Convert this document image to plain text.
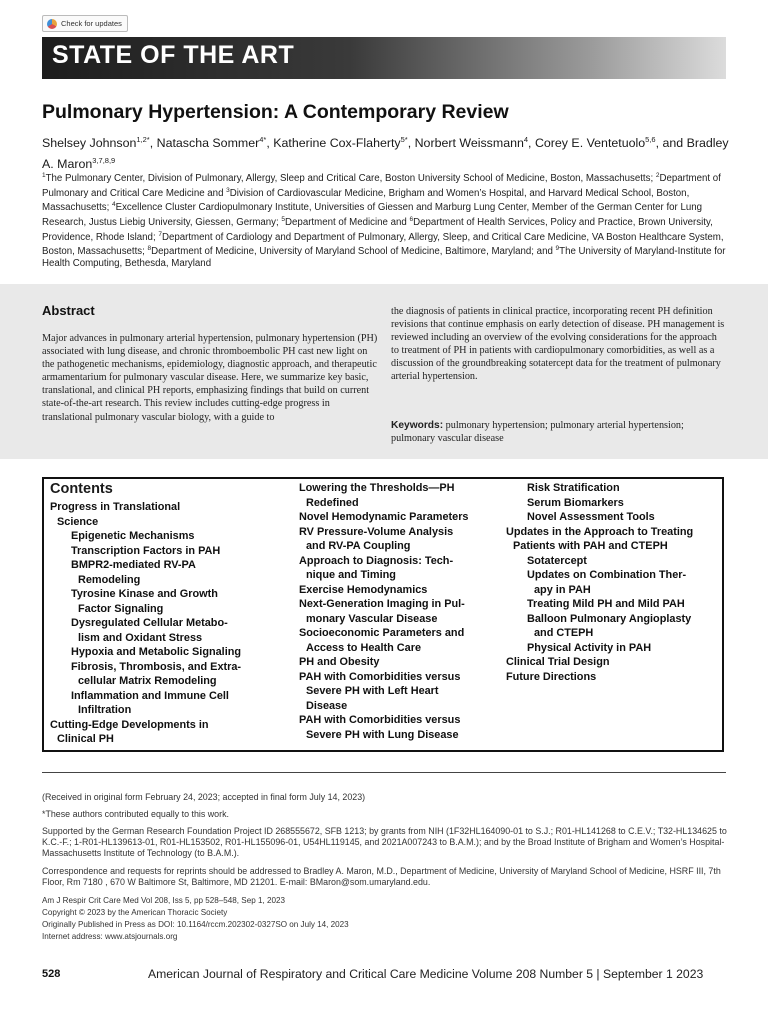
Check for updates
STATE OF THE ART
Pulmonary Hypertension: A Contemporary Review
Shelsey Johnson$^{1,2*}$, Natascha Sommer$^{4*}$, Katherine Cox-Flaherty$^{5*}$, Norbert Weissmann$^4$, Corey E. Ventetuolo$^{5,6}$, and Bradley A. Maron$^{3,7,8,9}$
$^1$The Pulmonary Center, Division of Pulmonary, Allergy, Sleep and Critical Care, Boston University School of Medicine, Boston, Massachusetts; $^2$Department of Pulmonary and Critical Care Medicine and $^3$Division of Cardiovascular Medicine, Brigham and Women’s Hospital, and Harvard Medical School, Boston, Massachusetts; $^4$Excellence Cluster Cardiopulmonary Institute, Universities of Giessen and Marburg Lung Center, Member of the German Center for Lung Research, Justus Liebig University, Giessen, Germany; $^5$Department of Medicine and $^6$Department of Health Services, Policy and Practice, Brown University, Providence, Rhode Island; $^7$Department of Cardiology and Department of Pulmonary, Allergy, Sleep, and Critical Care Medicine, VA Boston Healthcare System, Boston, Massachusetts; $^8$Department of Medicine, University of Maryland School of Medicine, Baltimore, Maryland; and $^9$The University of Maryland-Institute for Health Computing, Bethesda, Maryland
Abstract
Major advances in pulmonary arterial hypertension, pulmonary hypertension (PH) associated with lung disease, and chronic thromboembolic PH cast new light on the pathogenetic mechanisms, epidemiology, diagnostic approach, and therapeutic armamentarium for pulmonary vascular disease. Here, we summarize key basic, translational, and clinical PH reports, emphasizing findings that build on current state-of-the-art research. This review includes cutting-edge progress in translational pulmonary vascular biology, with a guide to
the diagnosis of patients in clinical practice, incorporating recent PH definition revisions that continue emphasis on early detection of disease. PH management is reviewed including an overview of the evolving considerations for the approach to treatment of PH in patients with cardiopulmonary comorbidities, as well as a discussion of the groundbreaking sotatercept data for the treatment of pulmonary arterial hypertension.
Keywords: pulmonary hypertension; pulmonary arterial hypertension; pulmonary vascular disease
Contents
Progress in Translational
Science
Epigenetic Mechanisms
Transcription Factors in PAH
BMPR2-mediated RV-PA
Remodeling
Tyrosine Kinase and Growth
Factor Signaling
Dysregulated Cellular Metabo-
lism and Oxidant Stress
Hypoxia and Metabolic Signaling
Fibrosis, Thrombosis, and Extra-
cellular Matrix Remodeling
Inflammation and Immune Cell
Infiltration
Cutting-Edge Developments in
Clinical PH
Lowering the Thresholds—PH
Redefined
Novel Hemodynamic Parameters
RV Pressure-Volume Analysis
and RV-PA Coupling
Approach to Diagnosis: Tech-
nique and Timing
Exercise Hemodynamics
Next-Generation Imaging in Pul-
monary Vascular Disease
Socioeconomic Parameters and
Access to Health Care
PH and Obesity
PAH with Comorbidities versus
Severe PH with Left Heart
Disease
PAH with Comorbidities versus
Severe PH with Lung Disease
Risk Stratification
Serum Biomarkers
Novel Assessment Tools
Updates in the Approach to Treating
Patients with PAH and CTEPH
Sotatercept
Updates on Combination Ther-
apy in PAH
Treating Mild PH and Mild PAH
Balloon Pulmonary Angioplasty
and CTEPH
Physical Activity in PAH
Clinical Trial Design
Future Directions
(Received in original form February 24, 2023; accepted in final form July 14, 2023)
*These authors contributed equally to this work.
Supported by the German Research Foundation Project ID 268555672, SFB 1213; by grants from NIH (1F32HL164090-01 to S.J.; R01-HL141268 to C.E.V.; T32-HL134625 to K.C.-F.; 1-R01-HL139613-01, R01-HL153502, R01-HL155096-01, U54HL119145, and 2021A007243 to B.A.M.); and by the Broad Institute of Brigham and Women’s Hospital-Massachusetts Institute of Technology (to B.A.M.).
Correspondence and requests for reprints should be addressed to Bradley A. Maron, M.D., Department of Medicine, University of Maryland School of Medicine, HSRF III, 7th Floor, Rm 7180 , 670 W Baltimore St, Baltimore, MD 21201. E-mail: BMaron@som.umaryland.edu.
Am J Respir Crit Care Med Vol 208, Iss 5, pp 528–548, Sep 1, 2023
Copyright © 2023 by the American Thoracic Society
Originally Published in Press as DOI: 10.1164/rccm.202302-0327SO on July 14, 2023
Internet address: www.atsjournals.org
528	American Journal of Respiratory and Critical Care Medicine Volume 208 Number 5 | September 1 2023
